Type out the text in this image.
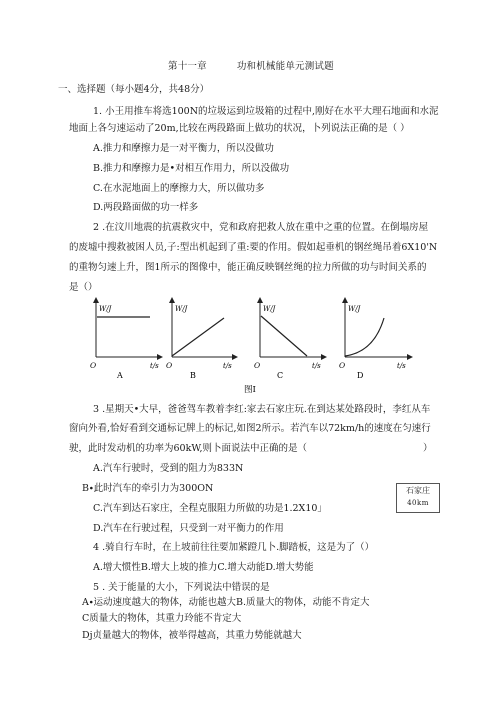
第十一章	功和机械能单元测试题
一、选择题（每小题4分，共48分）
1. 小王用推车将选100N的垃圾运到垃圾箱的过程中,刚好在水平大理石地面和水泥
地面上各匀速运动了20m,比较在两段路面上做功的状况，卜列说法正确的是（ ）
A.推力和摩擦力是一对平衡力，所以没做功
B.推力和摩擦力是•对相互作用力，所以没做功
C.在水泥地面上的摩擦力大，所以做功多
D.两段路面做的功一样多
2 .在汶川地震的抗震救灾中，党和政府把救人放在重中之重的位置。在倒塌房屋
的废墟中搜救被困人员,子:型出机起到了重:要的作用。假如起垂机的钢丝绳吊着6X10'N
的重物匀速上升，图1所示的图像中，能正确反映钢丝绳的拉力所做的功与时间关系的
是（）
W/J
t/s
O
A
W/J
t/s
O
B
W/J
t/s
O
C
W/J
t/s
O
D
图I
3 .星期天•大早，爸爸驾车教着李红:家去石家庄玩.在到达某处路段时，李红从车
窗向外看,恰好看到交通标记牌上的标记,如图2所示。若汽车以72km/h的速度在匀速行
驶，此时发动机的功率为60kW,则卜面说法中正确的是（	）
A.汽车行驶时，受到的阻力为833N
B∙此时汽车的牵引力为300ON
C.汽车到达石家庄，全程克服阻力所做的功是1.2X10」
D.汽车在行驶过程，只受到一对平衡力的作用
石家庄
40km
4 .骑自行车时，在上坡前往往要加紧蹬几卜.脚踏板，这是为了（）
A.增大惯性B.增大上坡的推力C.增大动能D.增大势能
5 . 关于能量的大小，下列说法中错误的是
A∙运动速度越大的物体，动能也越大B.质量大的物体，动能不肯定大
C质量大的物体，其重力玲能不肯定大
Dj贞量越大的物体，被举得越高，其重力势能就越大
